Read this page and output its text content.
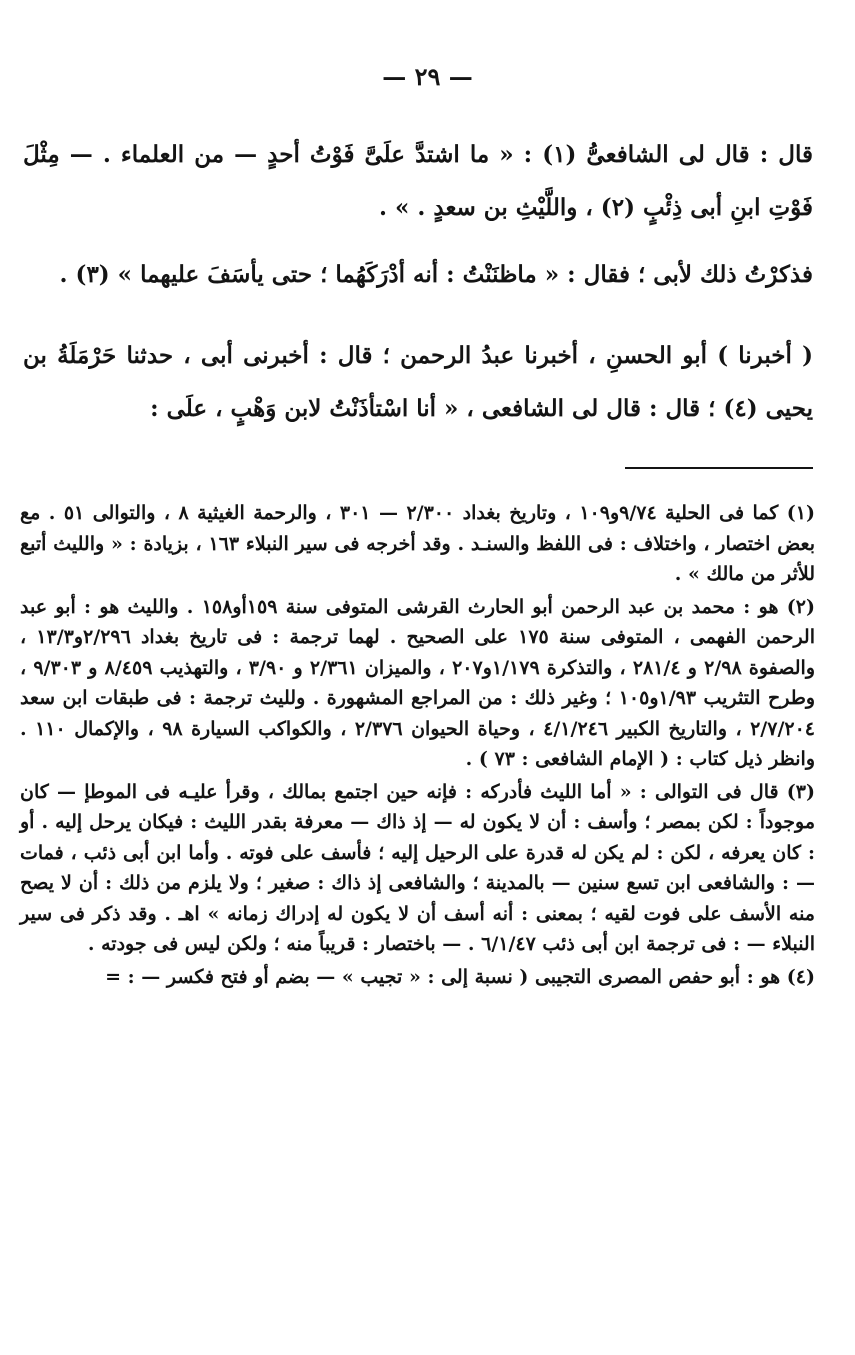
— ٢٩ —

قال : قال لى الشافعىُّ (١) : « ما اشتدَّ علَىَّ فَوْتُ أحدٍ — من العلماء . — مِثْلَ فَوْتِ ابنِ أبى ذِئْبٍ (٢) ، واللَّيْثِ بن سعدٍ . » .

فذكرْتُ ذلك لأبى ؛ فقال : « ماظنَنْتُ : أنه أدْرَكَهُما ؛ حتى يأسَفَ عليهما » (٣) .

( أخبرنا ) أبو الحسنِ ، أخبرنا عبدُ الرحمن ؛ قال : أخبرنى أبى ، حدثنا حَرْمَلَةُ بن يحيى (٤) ؛ قال : قال لى الشافعى ، « أنا اسْتأذَنْتُ لابن وَهْبٍ ، علَى :

(١) كما فى الحلية ٩/٧٤و١٠٩ ، وتاريخ بغداد ٢/٣٠٠ — ٣٠١ ، والرحمة الغيثية ٨ ، والتوالى ٥١ . مع بعض اختصار ، واختلاف : فى اللفظ والسنـد . وقد أخرجه فى سير النبلاء ١٦٣ ، بزيادة : « والليث أتبع للأثر من مالك » .

(٢) هو : محمد بن عبد الرحمن أبو الحارث القرشى المتوفى سنة ١٥٩أو١٥٨ . والليث هو : أبو عبد الرحمن الفهمى ، المتوفى سنة ١٧٥ على الصحيح . لهما ترجمة : فى تاريخ بغداد ٢/٢٩٦و١٣/٣ ، والصفوة ٢/٩٨ و ٢٨١/٤ ، والتذكرة ١/١٧٩و٢٠٧ ، والميزان ٢/٣٦١ و ٣/٩٠ ، والتهذيب ٨/٤٥٩ و ٩/٣٠٣ ، وطرح التثريب ١/٩٣و١٠٥ ؛ وغير ذلك : من المراجع المشهورة . ولليث ترجمة : فى طبقات ابن سعد ٢/٧/٢٠٤ ، والتاريخ الكبير ٤/١/٢٤٦ ، وحياة الحيوان ٢/٣٧٦ ، والكواكب السيارة ٩٨ ، والإكمال ١١٠ . وانظر ذيل كتاب : ( الإمام الشافعى : ٧٣ ) .

(٣) قال فى التوالى : « أما الليث فأدركه : فإنه حين اجتمع بمالك ، وقرأ عليـه فى الموطإ — كان موجوداً : لكن بمصر ؛ وأسف : أن لا يكون له — إذ ذاك — معرفة بقدر الليث : فيكان يرحل إليه . أو : كان يعرفه ، لكن : لم يكن له قدرة على الرحيل إليه ؛ فأسف على فوته . وأما ابن أبى ذئب ، فمات — : والشافعى ابن تسع سنين — بالمدينة ؛ والشافعى إذ ذاك : صغير ؛ ولا يلزم من ذلك : أن لا يصح منه الأسف على فوت لقيه ؛ بمعنى : أنه أسف أن لا يكون له إدراك زمانه » اهـ . وقد ذكر فى سير النبلاء — : فى ترجمة ابن أبى ذئب ٦/١/٤٧ . — باختصار : قريباً منه ؛ ولكن ليس فى جودته .

(٤) هو : أبو حفص المصرى التجيبى ( نسبة إلى : « تجيب » — بضم أو فتح فكسر — : =
